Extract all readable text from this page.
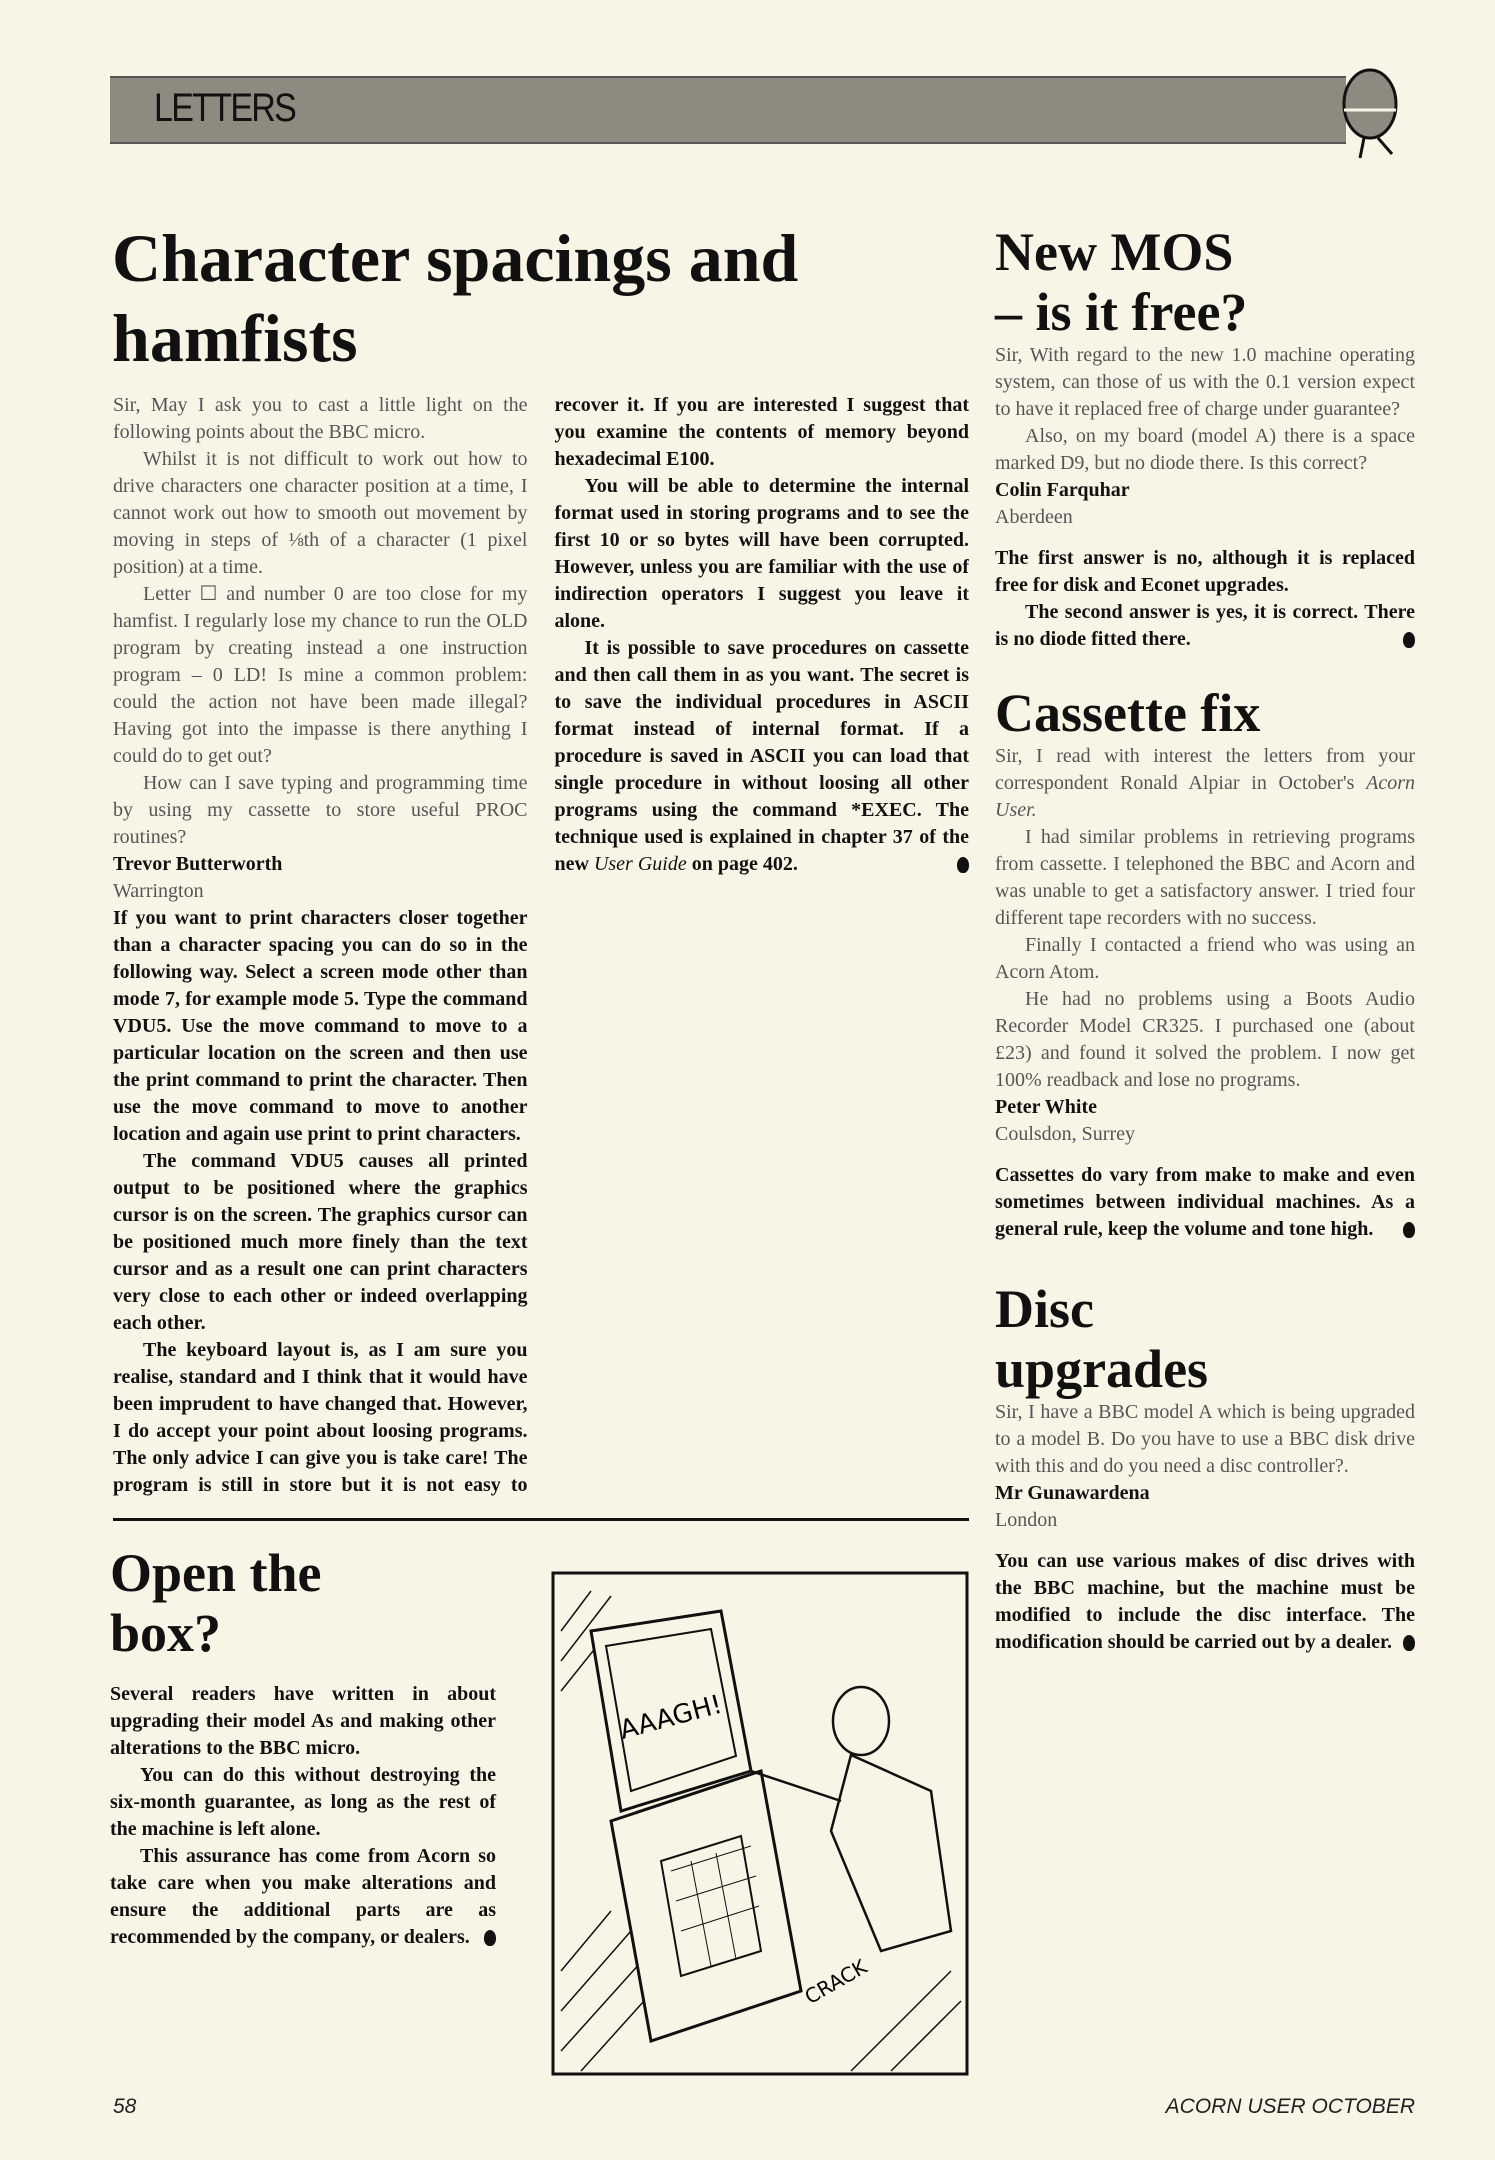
LETTERS
Character spacings and hamfists

Sir, May I ask you to cast a little light on the following points about the BBC micro.

Whilst it is not difficult to work out how to drive characters one character position at a time, I cannot work out how to smooth out movement by moving in steps of ⅛th of a character (1 pixel position) at a time.

Letter ☐ and number 0 are too close for my hamfist. I regularly lose my chance to run the OLD program by creating instead a one instruction program – 0 LD! Is mine a common problem: could the action not have been made illegal? Having got into the impasse is there anything I could do to get out?

How can I save typing and programming time by using my cassette to store useful PROC routines?

Trevor Butterworth

Warrington

If you want to print characters closer together than a character spacing you can do so in the following way. Select a screen mode other than mode 7, for example mode 5. Type the command VDU5. Use the move command to move to a particular location on the screen and then use the print command to print the character. Then use the move command to move to another location and again use print to print characters.

The command VDU5 causes all printed output to be positioned where the graphics cursor is on the screen. The graphics cursor can be positioned much more finely than the text cursor and as a result one can print characters very close to each other or indeed overlapping each other.

The keyboard layout is, as I am sure you realise, standard and I think that it would have been imprudent to have changed that. However, I do accept your point about loosing programs. The only advice I can give you is take care! The program is still in store but it is not easy to recover it. If you are interested I suggest that you examine the contents of memory beyond hexadecimal E100.

You will be able to determine the internal format used in storing programs and to see the first 10 or so bytes will have been corrupted. However, unless you are familiar with the use of indirection operators I suggest you leave it alone.

It is possible to save procedures on cassette and then call them in as you want. The secret is to save the individual procedures in ASCII format instead of internal format. If a procedure is saved in ASCII you can load that single procedure in without loosing all other programs using the command *EXEC. The technique used is explained in chapter 37 of the new User Guide on page 402.

New MOS
– is it free?

Sir, With regard to the new 1.0 machine operating system, can those of us with the 0.1 version expect to have it replaced free of charge under guarantee?

Also, on my board (model A) there is a space marked D9, but no diode there. Is this correct?

Colin Farquhar

Aberdeen

The first answer is no, although it is replaced free for disk and Econet upgrades.

The second answer is yes, it is correct. There is no diode fitted there.

Cassette fix

Sir, I read with interest the letters from your correspondent Ronald Alpiar in October's Acorn User.

I had similar problems in retrieving programs from cassette. I telephoned the BBC and Acorn and was unable to get a satisfactory answer. I tried four different tape recorders with no success.

Finally I contacted a friend who was using an Acorn Atom.

He had no problems using a Boots Audio Recorder Model CR325. I purchased one (about £23) and found it solved the problem. I now get 100% readback and lose no programs.

Peter White

Coulsdon, Surrey

Cassettes do vary from make to make and even sometimes between individual machines. As a general rule, keep the volume and tone high.

Disc
upgrades

Sir, I have a BBC model A which is being upgraded to a model B. Do you have to use a BBC disk drive with this and do you need a disc controller?.

Mr Gunawardena

London

You can use various makes of disc drives with the BBC machine, but the machine must be modified to include the disc interface. The modification should be carried out by a dealer.

Open the
box?

Several readers have written in about upgrading their model As and making other alterations to the BBC micro.

You can do this without destroying the six-month guarantee, as long as the rest of the machine is left alone.

This assurance has come from Acorn so take care when you make alterations and ensure the additional parts are as recommended by the company, or dealers.

AAAGH!
CRACK
58	ACORN USER OCTOBER
